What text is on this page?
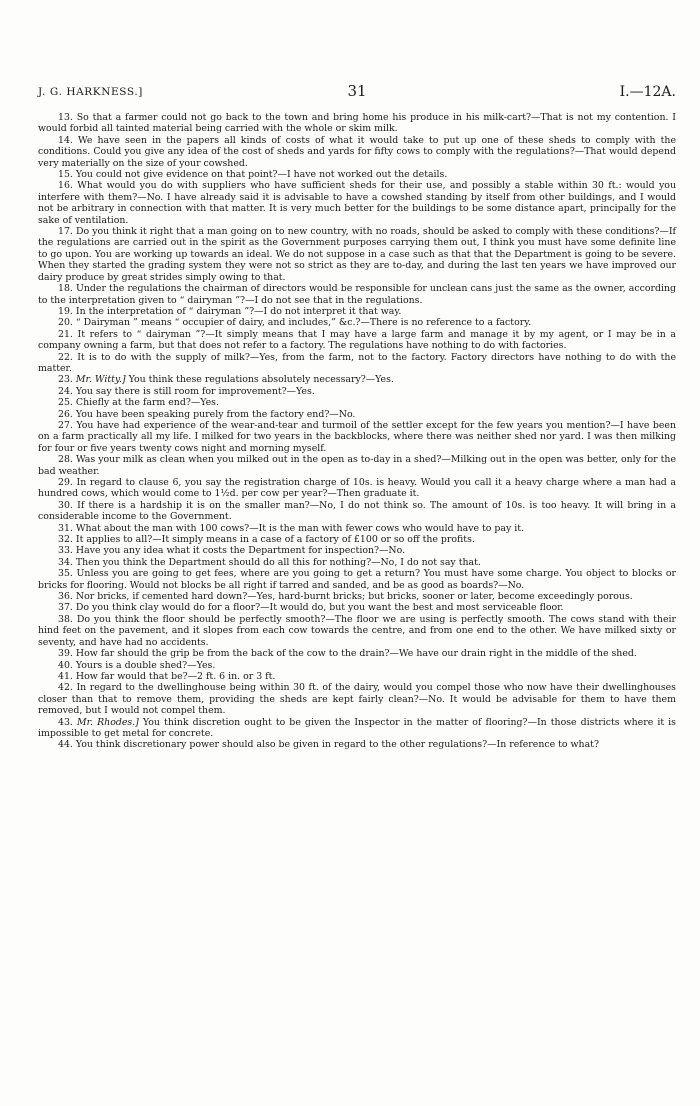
J. G. HARKNESS.]	31	I.—12A.

13. So that a farmer could not go back to the town and bring home his produce in his milk-cart?—That is not my contention. I would forbid all tainted material being carried with the whole or skim milk.

14. We have seen in the papers all kinds of costs of what it would take to put up one of these sheds to comply with the conditions. Could you give any idea of the cost of sheds and yards for fifty cows to comply with the regulations?—That would depend very materially on the size of your cowshed.

15. You could not give evidence on that point?—I have not worked out the details.

16. What would you do with suppliers who have sufficient sheds for their use, and possibly a stable within 30 ft.: would you interfere with them?—No. I have already said it is advisable to have a cowshed standing by itself from other buildings, and I would not be arbitrary in connection with that matter. It is very much better for the buildings to be some distance apart, principally for the sake of ventilation.

17. Do you think it right that a man going on to new country, with no roads, should be asked to comply with these conditions?—If the regulations are carried out in the spirit as the Government purposes carrying them out, I think you must have some definite line to go upon. You are working up towards an ideal. We do not suppose in a case such as that that the Department is going to be severe. When they started the grading system they were not so strict as they are to-day, and during the last ten years we have improved our dairy produce by great strides simply owing to that.

18. Under the regulations the chairman of directors would be responsible for unclean cans just the same as the owner, according to the interpretation given to “ dairyman ”?—I do not see that in the regulations.

19. In the interpretation of “ dairyman ”?—I do not interpret it that way.

20. “ Dairyman ” means “ occupier of dairy, and includes,” &c.?—There is no reference to a factory.

21. It refers to “ dairyman ”?—It simply means that I may have a large farm and manage it by my agent, or I may be in a company owning a farm, but that does not refer to a factory. The regulations have nothing to do with factories.

22. It is to do with the supply of milk?—Yes, from the farm, not to the factory. Factory directors have nothing to do with the matter.

23. Mr. Witty.] You think these regulations absolutely necessary?—Yes.

24. You say there is still room for improvement?—Yes.

25. Chiefly at the farm end?—Yes.

26. You have been speaking purely from the factory end?—No.

27. You have had experience of the wear-and-tear and turmoil of the settler except for the few years you mention?—I have been on a farm practically all my life. I milked for two years in the backblocks, where there was neither shed nor yard. I was then milking for four or five years twenty cows night and morning myself.

28. Was your milk as clean when you milked out in the open as to-day in a shed?—Milking out in the open was better, only for the bad weather.

29. In regard to clause 6, you say the registration charge of 10s. is heavy. Would you call it a heavy charge where a man had a hundred cows, which would come to 1½d. per cow per year?—Then graduate it.

30. If there is a hardship it is on the smaller man?—No, I do not think so. The amount of 10s. is too heavy. It will bring in a considerable income to the Government.

31. What about the man with 100 cows?—It is the man with fewer cows who would have to pay it.

32. It applies to all?—It simply means in a case of a factory of £100 or so off the profits.

33. Have you any idea what it costs the Department for inspection?—No.

34. Then you think the Department should do all this for nothing?—No, I do not say that.

35. Unless you are going to get fees, where are you going to get a return? You must have some charge. You object to blocks or bricks for flooring. Would not blocks be all right if tarred and sanded, and be as good as boards?—No.

36. Nor bricks, if cemented hard down?—Yes, hard-burnt bricks; but bricks, sooner or later, become exceedingly porous.

37. Do you think clay would do for a floor?—It would do, but you want the best and most serviceable floor.

38. Do you think the floor should be perfectly smooth?—The floor we are using is perfectly smooth. The cows stand with their hind feet on the pavement, and it slopes from each cow towards the centre, and from one end to the other. We have milked sixty or seventy, and have had no accidents.

39. How far should the grip be from the back of the cow to the drain?—We have our drain right in the middle of the shed.

40. Yours is a double shed?—Yes.

41. How far would that be?—2 ft. 6 in. or 3 ft.

42. In regard to the dwellinghouse being within 30 ft. of the dairy, would you compel those who now have their dwellinghouses closer than that to remove them, providing the sheds are kept fairly clean?—No. It would be advisable for them to have them removed, but I would not compel them.

43. Mr. Rhodes.] You think discretion ought to be given the Inspector in the matter of flooring?—In those districts where it is impossible to get metal for concrete.

44. You think discretionary power should also be given in regard to the other regulations?—In reference to what?
